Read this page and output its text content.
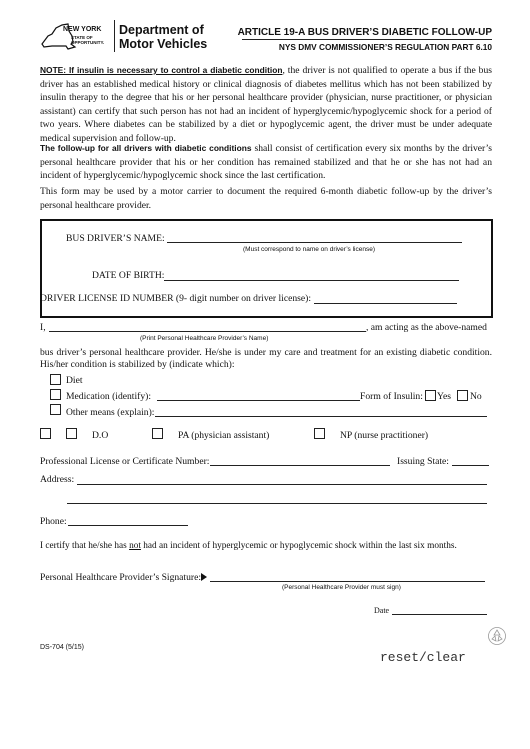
NEW YORK
STATE OF
OPPORTUNITY.
Department of
Motor Vehicles
ARTICLE 19-A BUS DRIVER’S DIABETIC FOLLOW-UP
NYS DMV COMMISSIONER’S REGULATION PART 6.10
NOTE: If insulin is necessary to control a diabetic condition, the driver is not qualified to operate a bus if the bus driver has an established medical history or clinical diagnosis of diabetes mellitus which has not been stabilized by insulin therapy to the degree that his or her personal healthcare provider (physician, nurse practitioner, or physician assistant) can certify that such person has not had an incident of hyperglycemic/hypoglycemic shock for a period of two years. Where diabetes can be stabilized by a diet or hypoglycemic agent, the driver must be under adequate medical supervision and follow-up.
The follow-up for all drivers with diabetic conditions shall consist of certification every six months by the driver’s personal healthcare provider that his or her condition has remained stabilized and that he or she has not had an incident of hyperglycemic/hypoglycemic shock since the last certification.
This form may be used by a motor carrier to document the required 6-month diabetic follow-up by the driver’s personal healthcare provider.
BUS DRIVER’S NAME:
(Must correspond to name on driver’s license)
DATE OF BIRTH:
DRIVER LICENSE ID NUMBER (9- digit number on driver license):
I,	, am acting as the above-named
(Print Personal Healthcare Provider’s Name)
bus driver’s personal healthcare provider. He/she is under my care and treatment for an existing diabetic condition. His/her condition is stabilized by (indicate which):
Diet
Medication (identify):	Form of Insulin: Yes No
Other means (explain):
D.O	PA (physician assistant)	NP (nurse practitioner)
Professional License or Certificate Number:	Issuing State:
Address:
Phone:
I certify that he/she has not had an incident of hyperglycemic or hypoglycemic shock within the last six months.
Personal Healthcare Provider’s Signature:
(Personal Healthcare Provider must sign)
Date
DS-704 (5/15)
reset/clear
